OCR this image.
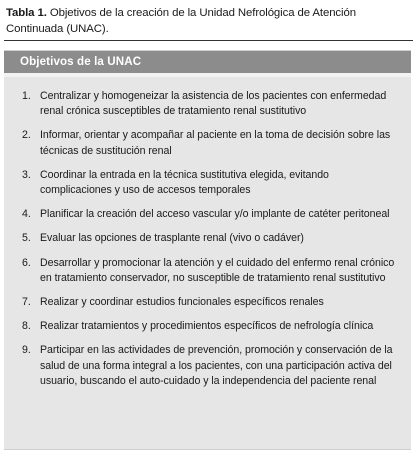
Tabla 1. Objetivos de la creación de la Unidad Nefrológica de Atención Continuada (UNAC).
Objetivos de la UNAC
1. Centralizar y homogeneizar la asistencia de los pacientes con enfermedad renal crónica susceptibles de tratamiento renal sustitutivo
2. Informar, orientar y acompañar al paciente en la toma de decisión sobre las técnicas de sustitución renal
3. Coordinar la entrada en la técnica sustitutiva elegida, evitando complicaciones y uso de accesos temporales
4. Planificar la creación del acceso vascular y/o implante de catéter peritoneal
5. Evaluar las opciones de trasplante renal (vivo o cadáver)
6. Desarrollar y promocionar la atención y el cuidado del enfermo renal crónico en tratamiento conservador, no susceptible de tratamiento renal sustitutivo
7. Realizar y coordinar estudios funcionales específicos renales
8. Realizar tratamientos y procedimientos específicos de nefrología clínica
9. Participar en las actividades de prevención, promoción y conservación de la salud de una forma integral a los pacientes, con una participación activa del usuario, buscando el auto-cuidado y la independencia del paciente renal
